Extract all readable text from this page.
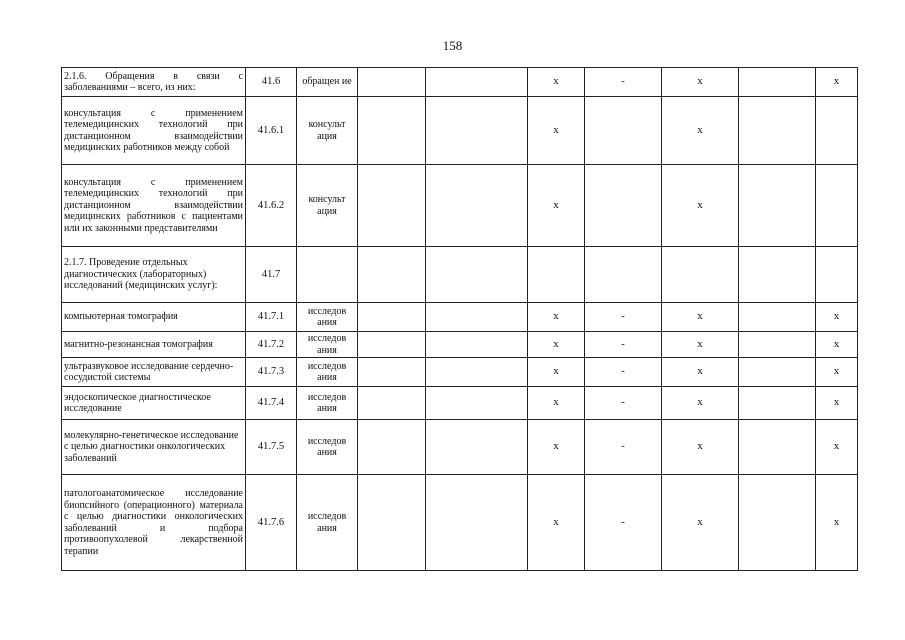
158
2.1.6. Обращения в связи с заболеваниями – всего, из них:	41.6	обращен ие			x	-	x		x
консультация с применением телемедицинских технологий при дистанционном взаимодействии медицинских работников между собой	41.6.1	консульт ация			x		x		
консультация с применением телемедицинских технологий при дистанционном взаимодействии медицинских работников с пациентами или их законными представителями	41.6.2	консульт ация			x		x		
2.1.7. Проведение отдельных диагностических (лабораторных) исследований (медицинских услуг):	41.7								
компьютерная томография	41.7.1	исследов ания			x	-	x		x
магнитно-резонансная томография	41.7.2	исследов ания			x	-	x		x
ультразвуковое исследование сердечно-сосудистой системы	41.7.3	исследов ания			x	-	x		x
эндоскопическое диагностическое исследование	41.7.4	исследов ания			x	-	x		x
молекулярно-генетическое исследование с целью диагностики онкологических заболеваний	41.7.5	исследов ания			x	-	x		x
патологоанатомическое исследование биопсийного (операционного) материала с целью диагностики онкологических заболеваний и подбора противоопухолевой лекарственной терапии	41.7.6	исследов ания			x	-	x		x
